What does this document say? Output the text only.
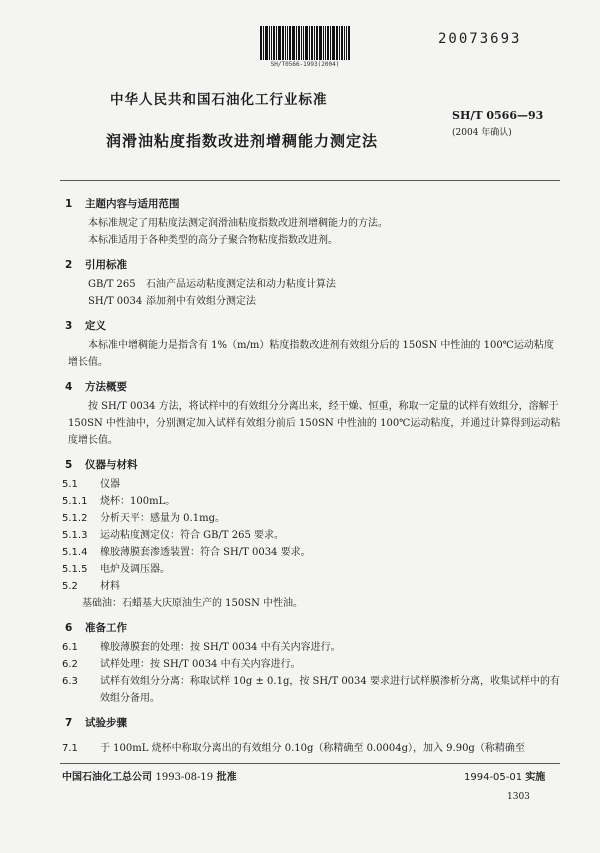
SH/T0566-1993(2004)
20073693
中华人民共和国石油化工行业标准
SH/T 0566—93
(2004 年确认)
润滑油粘度指数改进剂增稠能力测定法

1 主题内容与适用范围

本标准规定了用粘度法测定润滑油粘度指数改进剂增稠能力的方法。

本标准适用于各种类型的高分子聚合物粘度指数改进剂。

2 引用标准

GB/T 265 石油产品运动粘度测定法和动力粘度计算法

SH/T 0034 添加剂中有效组分测定法

3 定义

本标准中增稠能力是指含有 1%（m/m）粘度指数改进剂有效组分后的 150SN 中性油的 100℃运动粘度增长值。

4 方法概要

按 SH/T 0034 方法，将试样中的有效组分分离出来，经干燥、恒重，称取一定量的试样有效组分，溶解于 150SN 中性油中，分别测定加入试样有效组分前后 150SN 中性油的 100℃运动粘度，并通过计算得到运动粘度增长值。

5 仪器与材料

5.1	仪器

5.1.1	烧杯：100mL。

5.1.2	分析天平：感量为 0.1mg。

5.1.3	运动粘度测定仪：符合 GB/T 265 要求。

5.1.4	橡胶薄膜套渗透装置：符合 SH/T 0034 要求。

5.1.5	电炉及调压器。

5.2	材料

基础油：石蜡基大庆原油生产的 150SN 中性油。

6 准备工作

6.1	橡胶薄膜套的处理：按 SH/T 0034 中有关内容进行。

6.2	试样处理：按 SH/T 0034 中有关内容进行。

6.3	试样有效组分分离：称取试样 10g ± 0.1g，按 SH/T 0034 要求进行试样膜渗析分离，收集试样中的有效组分备用。

7 试验步骤

7.1	于 100mL 烧杯中称取分离出的有效组分 0.10g（称精确至 0.0004g），加入 9.90g（称精确至

中国石油化工总公司 1993-08-19 批准	1994-05-01 实施
1303
